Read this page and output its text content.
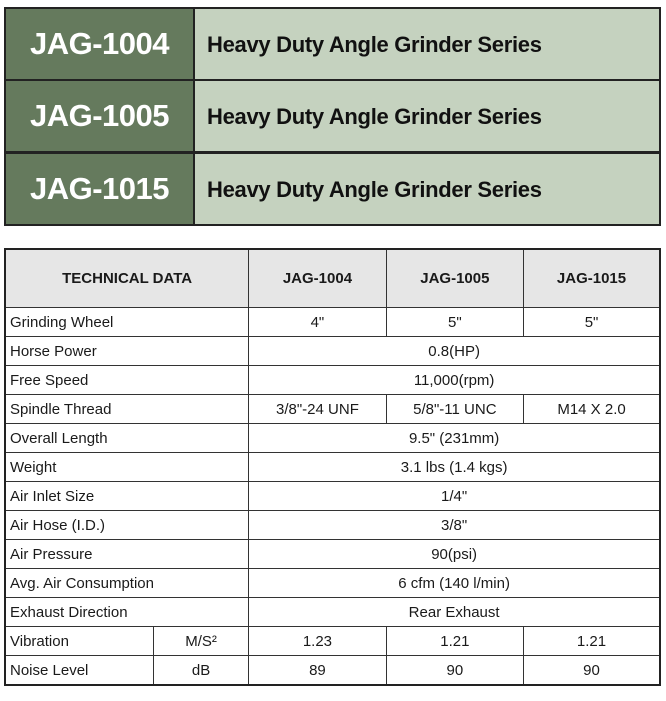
JAG-1004	Heavy Duty Angle Grinder Series
JAG-1005	Heavy Duty Angle Grinder Series
JAG-1015	Heavy Duty Angle Grinder Series
TECHNICAL DATA		JAG-1004	JAG-1005	JAG-1015
Grinding Wheel		4"	5"	5"
Horse Power		0.8(HP)		
Free Speed		11,000(rpm)		
Spindle Thread		3/8"-24 UNF	5/8"-11 UNC	M14 X 2.0
Overall Length		9.5" (231mm)		
Weight		3.1 lbs (1.4 kgs)		
Air Inlet Size		1/4"		
Air Hose (I.D.)		3/8"		
Air Pressure		90(psi)		
Avg. Air Consumption		6 cfm (140 l/min)		
Exhaust Direction		Rear Exhaust		
Vibration	M/S²	1.23	1.21	1.21
Noise Level	dB	89	90	90
